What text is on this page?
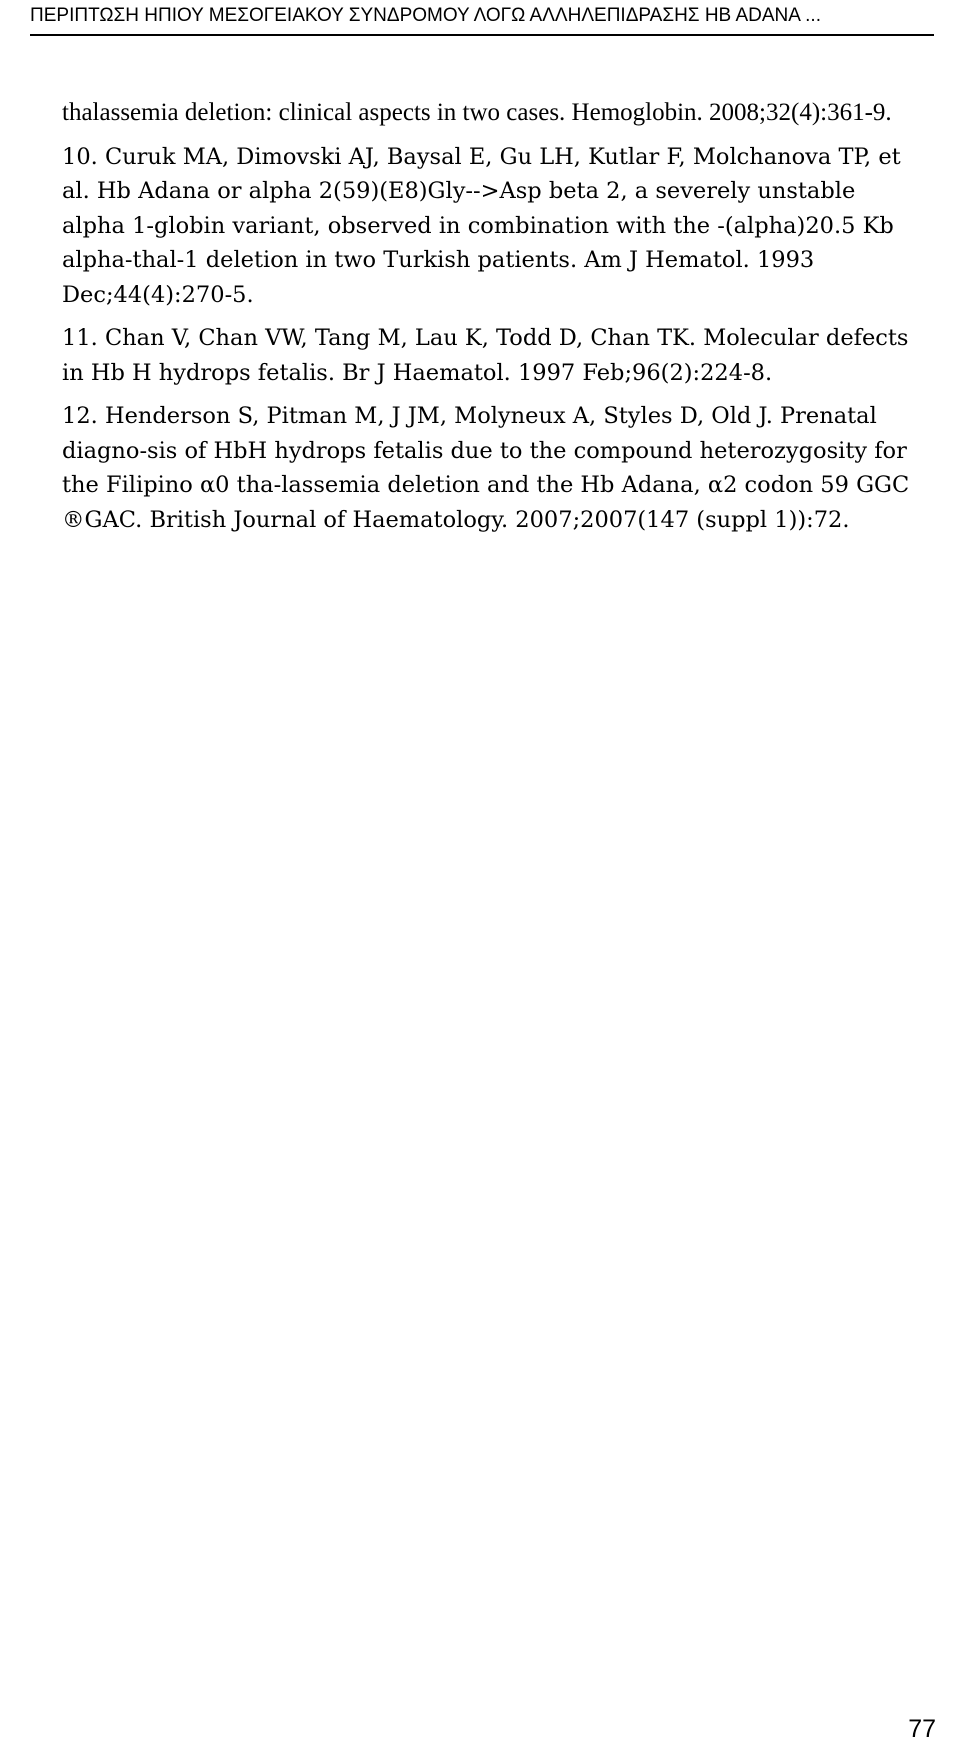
ΠΕΡΙΠΤΩΣΗ ΗΠΙΟΥ ΜΕΣΟΓΕΙΑΚΟΥ ΣΥΝΔΡΟΜΟΥ ΛΟΓΩ ΑΛΛΗΛΕΠΙΔΡΑΣΗΣ HB ADANA ...

thalassemia deletion: clinical aspects in two cases. Hemoglobin. 2008;32(4):361-9.

10. Curuk MA, Dimovski AJ, Baysal E, Gu LH, Kutlar F, Molchanova TP, et al. Hb Adana or alpha 2(59)(E8)Gly-->Asp beta 2, a severely unstable alpha 1-globin variant, observed in combination with the -(alpha)20.5 Kb alpha-thal-1 deletion in two Turkish patients. Am J Hematol. 1993 Dec;44(4):270-5.

11. Chan V, Chan VW, Tang M, Lau K, Todd D, Chan TK. Molecular defects in Hb H hydrops fetalis. Br J Haematol. 1997 Feb;96(2):224-8.

12. Henderson S, Pitman M, J JM, Molyneux A, Styles D, Old J. Prenatal diagno-sis of HbH hydrops fetalis due to the compound heterozygosity for the Filipino α0 tha-lassemia deletion and the Hb Adana, α2 codon 59 GGC ®GAC. British Journal of Haematology. 2007;2007(147 (suppl 1)):72.

77
